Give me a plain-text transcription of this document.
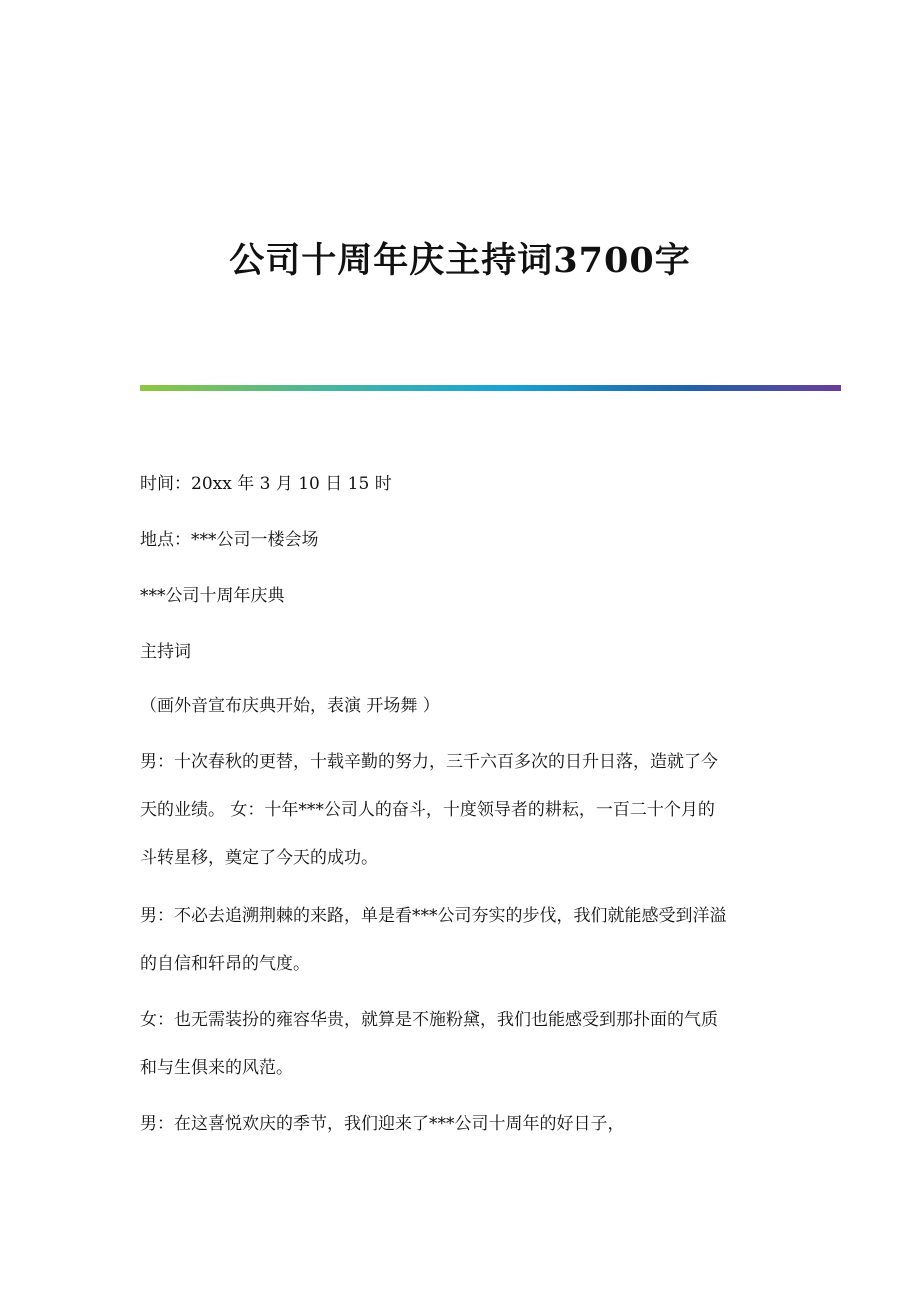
公司十周年庆主持词3700字

时间：20xx 年 3 月 10 日 15 时

地点：***公司一楼会场

***公司十周年庆典

主持词

（画外音宣布庆典开始，表演 开场舞 ）

男：十次春秋的更替，十载辛勤的努力，三千六百多次的日升日落，造就了今
天的业绩。 女：十年***公司人的奋斗，十度领导者的耕耘，一百二十个月的
斗转星移，奠定了今天的成功。

男：不必去追溯荆棘的来路，单是看***公司夯实的步伐，我们就能感受到洋溢
的自信和轩昂的气度。

女：也无需装扮的雍容华贵，就算是不施粉黛，我们也能感受到那扑面的气质
和与生俱来的风范。

男：在这喜悦欢庆的季节，我们迎来了***公司十周年的好日子，
